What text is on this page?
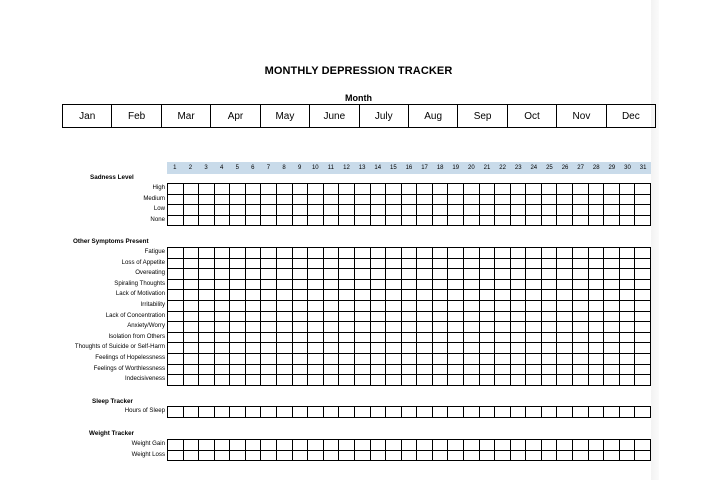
MONTHLY DEPRESSION TRACKER
Month
Jan	Feb	Mar	Apr	May	June	July	Aug	Sep	Oct	Nov	Dec
1	2	3	4	5	6	7	8	9	10	11	12	13	14	15	16	17	18	19	20	21	22	23	24	25	26	27	28	29	30	31
Sadness Level
High
Medium
Low
None

Other Symptoms Present
Fatigue
Loss of Appetite
Overeating
Spiraling Thoughts
Lack of Motivation
Irritability
Lack of Concentration
Anxiety/Worry
Isolation from Others
Thoughts of Suicide or Self-Harm
Feelings of Hopelessness
Feelings of Worthlessness
Indecisiveness

Sleep Tracker
Hours of Sleep

Weight Tracker
Weight Gain
Weight Loss
